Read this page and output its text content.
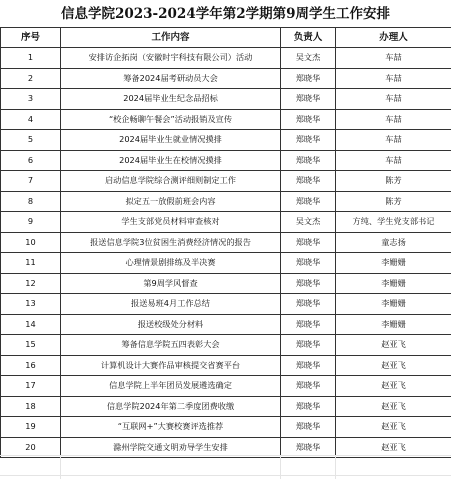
信息学院2023-2024学年第2学期第9周学生工作安排
序号	工作内容	负责人	办理人
1	安排访企拓岗（安徽时宇科技有限公司）活动	吴文杰	车喆
2	筹备2024届考研动员大会	郑晓华	车喆
3	2024届毕业生纪念品招标	郑晓华	车喆
4	“校企畅聊午餐会”活动报销及宣传	郑晓华	车喆
5	2024届毕业生就业情况摸排	郑晓华	车喆
6	2024届毕业生在校情况摸排	郑晓华	车喆
7	启动信息学院综合测评细则制定工作	郑晓华	陈芳
8	拟定五一放假前班会内容	郑晓华	陈芳
9	学生支部党员材料审查核对	吴文杰	方纯、学生党支部书记
10	报送信息学院3位贫困生消费经济情况的报告	郑晓华	童志扬
11	心理情景剧排练及半决赛	郑晓华	李姗姗
12	第9周学风督查	郑晓华	李姗姗
13	报送易班4月工作总结	郑晓华	李姗姗
14	报送校级处分材料	郑晓华	李姗姗
15	筹备信息学院五四表彰大会	郑晓华	赵亚飞
16	计算机设计大赛作品审核提交省赛平台	郑晓华	赵亚飞
17	信息学院上半年团员发展遴选确定	郑晓华	赵亚飞
18	信息学院2024年第二季度团费收缴	郑晓华	赵亚飞
19	“互联网+”大赛校赛评选推荐	郑晓华	赵亚飞
20	滁州学院交通文明劝导学生安排	郑晓华	赵亚飞
